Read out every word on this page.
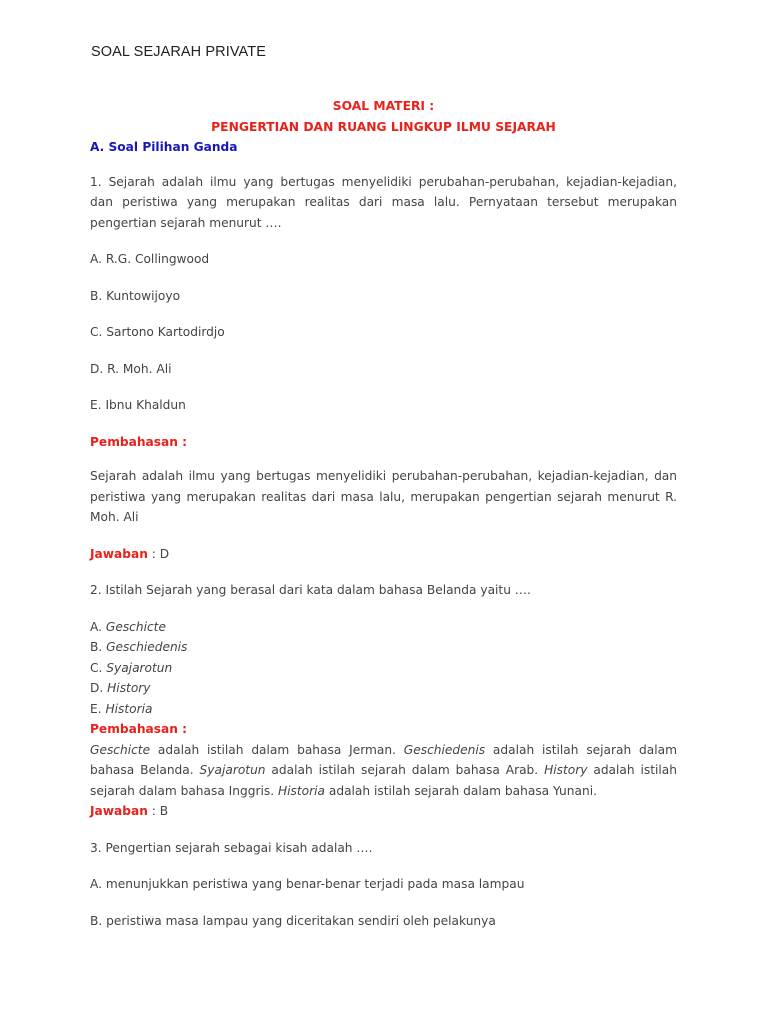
SOAL SEJARAH PRIVATE
SOAL MATERI :
PENGERTIAN DAN RUANG LINGKUP ILMU SEJARAH
A. Soal Pilihan Ganda

1. Sejarah adalah ilmu yang bertugas menyelidiki perubahan-perubahan, kejadian-kejadian, dan peristiwa yang merupakan realitas dari masa lalu. Pernyataan tersebut merupakan pengertian sejarah menurut ….

A. R.G. Collingwood

B. Kuntowijoyo

C. Sartono Kartodirdjo

D. R. Moh. Ali

E. Ibnu Khaldun

Pembahasan :

Sejarah adalah ilmu yang bertugas menyelidiki perubahan-perubahan, kejadian-kejadian, dan peristiwa yang merupakan realitas dari masa lalu, merupakan pengertian sejarah menurut R. Moh. Ali

Jawaban : D

2. Istilah Sejarah yang berasal dari kata dalam bahasa Belanda yaitu ….

A. Geschicte

B. Geschiedenis

C. Syajarotun

D. History

E. Historia

Pembahasan :

Geschicte adalah istilah dalam bahasa Jerman. Geschiedenis adalah istilah sejarah dalam bahasa Belanda. Syajarotun adalah istilah sejarah dalam bahasa Arab. History adalah istilah sejarah dalam bahasa Inggris. Historia adalah istilah sejarah dalam bahasa Yunani.

Jawaban : B

3. Pengertian sejarah sebagai kisah adalah ….

A. menunjukkan peristiwa yang benar-benar terjadi pada masa lampau

B. peristiwa masa lampau yang diceritakan sendiri oleh pelakunya
